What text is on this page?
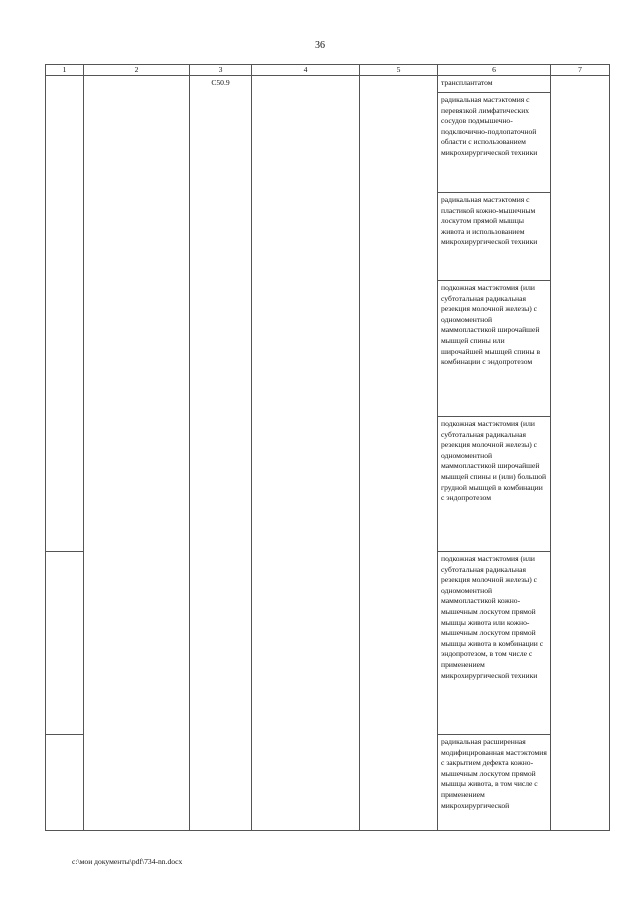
36
1	2	3	4	5	6	7
		C50.9			трансплантатом	
					радикальная мастэктомия с перевязкой лимфатических сосудов подмышечно-подключично-подлопаточной области с использованием микрохирургической техники	
					радикальная мастэктомия с пластикой кожно-мышечным лоскутом прямой мышцы живота и использованием микрохирургической техники	
					подкожная мастэктомия (или субтотальная радикальная резекция молочной железы) с одномоментной маммопластикой широчайшей мышцей спины или широчайшей мышцей спины в комбинации с эндопротезом	
					подкожная мастэктомия (или субтотальная радикальная резекция молочной железы) с одномоментной маммопластикой широчайшей мышцей спины и (или) большой грудной мышцей в комбинации с эндопротезом	
					подкожная мастэктомия (или субтотальная радикальная резекция молочной железы) с одномоментной маммопластикой кожно-мышечным лоскутом прямой мышцы живота или кожно-мышечным лоскутом прямой мышцы живота в комбинации с эндопротезом, в том числе с применением микрохирургической техники	
					радикальная расширенная модифицированная мастэктомия с закрытием дефекта кожно-мышечным лоскутом прямой мышцы живота, в том числе с применением микрохирургической	
c:\мои документы\pdf\734-nn.docx
